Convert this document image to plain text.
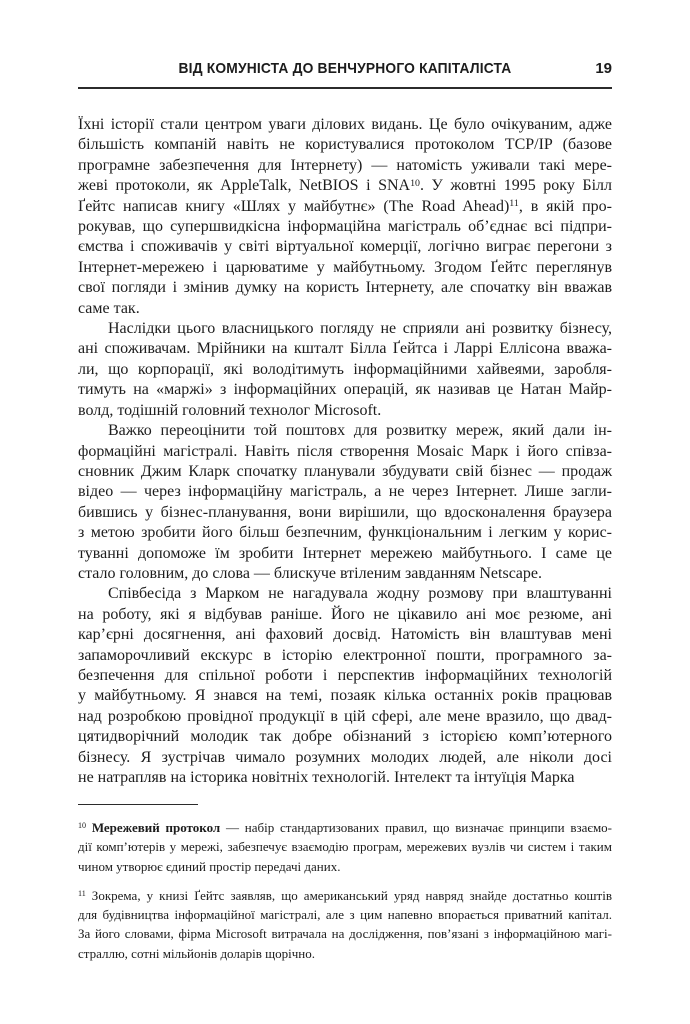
ВІД КОМУНІСТА ДО ВЕНЧУРНОГО КАПІТАЛІСТА	19
Їхні історії стали центром уваги ділових видань. Це було очікуваним, адже
більшість компаній навіть не користувалися протоколом TCP/IP (базове
програмне забезпечення для Інтернету) — натомість уживали такі мере-
жеві протоколи, як AppleTalk, NetBIOS і SNA$^{10}$. У жовтні 1995 року Білл
Ґейтс написав книгу «Шлях у майбутнє» (The Road Ahead)$^{11}$, в якій про-
рокував, що супершвидкісна інформаційна магістраль об’єднає всі підпри-
ємства і споживачів у світі віртуальної комерції, логічно виграє перегони з
Інтернет-мережею і царюватиме у майбутньому. Згодом Ґейтс переглянув
свої погляди і змінив думку на користь Інтернету, але спочатку він вважав
саме так.
Наслідки цього власницького погляду не сприяли ані розвитку бізнесу,
ані споживачам. Мрійники на кшталт Білла Ґейтса і Ларрі Еллісона вважа-
ли, що корпорації, які володітимуть інформаційними хайвеями, заробля-
тимуть на «маржі» з інформаційних операцій, як називав це Натан Майр-
волд, тодішній головний технолог Microsoft.
Важко переоцінити той поштовх для розвитку мереж, який дали ін-
формаційні магістралі. Навіть після створення Mosaic Марк і його співза-
сновник Джим Кларк спочатку планували збудувати свій бізнес — продаж
відео — через інформаційну магістраль, а не через Інтернет. Лише загли-
бившись у бізнес-планування, вони вирішили, що вдосконалення браузера
з метою зробити його більш безпечним, функціональним і легким у корис-
туванні допоможе їм зробити Інтернет мережею майбутнього. І саме це
стало головним, до слова — блискуче втіленим завданням Netscape.
Співбесіда з Марком не нагадувала жодну розмову при влаштуванні
на роботу, які я відбував раніше. Його не цікавило ані моє резюме, ані
кар’єрні досягнення, ані фаховий досвід. Натомість він влаштував мені
запаморочливий екскурс в історію електронної пошти, програмного за-
безпечення для спільної роботи і перспектив інформаційних технологій
у майбутньому. Я знався на темі, позаяк кілька останніх років працював
над розробкою провідної продукції в цій сфері, але мене вразило, що двад-
цятидворічний молодик так добре обізнаний з історією комп’ютерного
бізнесу. Я зустрічав чимало розумних молодих людей, але ніколи досі
не натрапляв на історика новітніх технологій. Інтелект та інтуїція Марка
$^{10}$ Мережевий протокол — набір стандартизованих правил, що визначає принципи взаємо-
дії комп’ютерів у мережі, забезпечує взаємодію програм, мережевих вузлів чи систем і таким
чином утворює єдиний простір передачі даних.
$^{11}$ Зокрема, у книзі Ґейтс заявляв, що американський уряд навряд знайде достатньо коштів
для будівництва інформаційної магістралі, але з цим напевно впорається приватний капітал.
За його словами, фірма Microsoft витрачала на дослідження, пов’язані з інформаційною магі-
страллю, сотні мільйонів доларів щорічно.
